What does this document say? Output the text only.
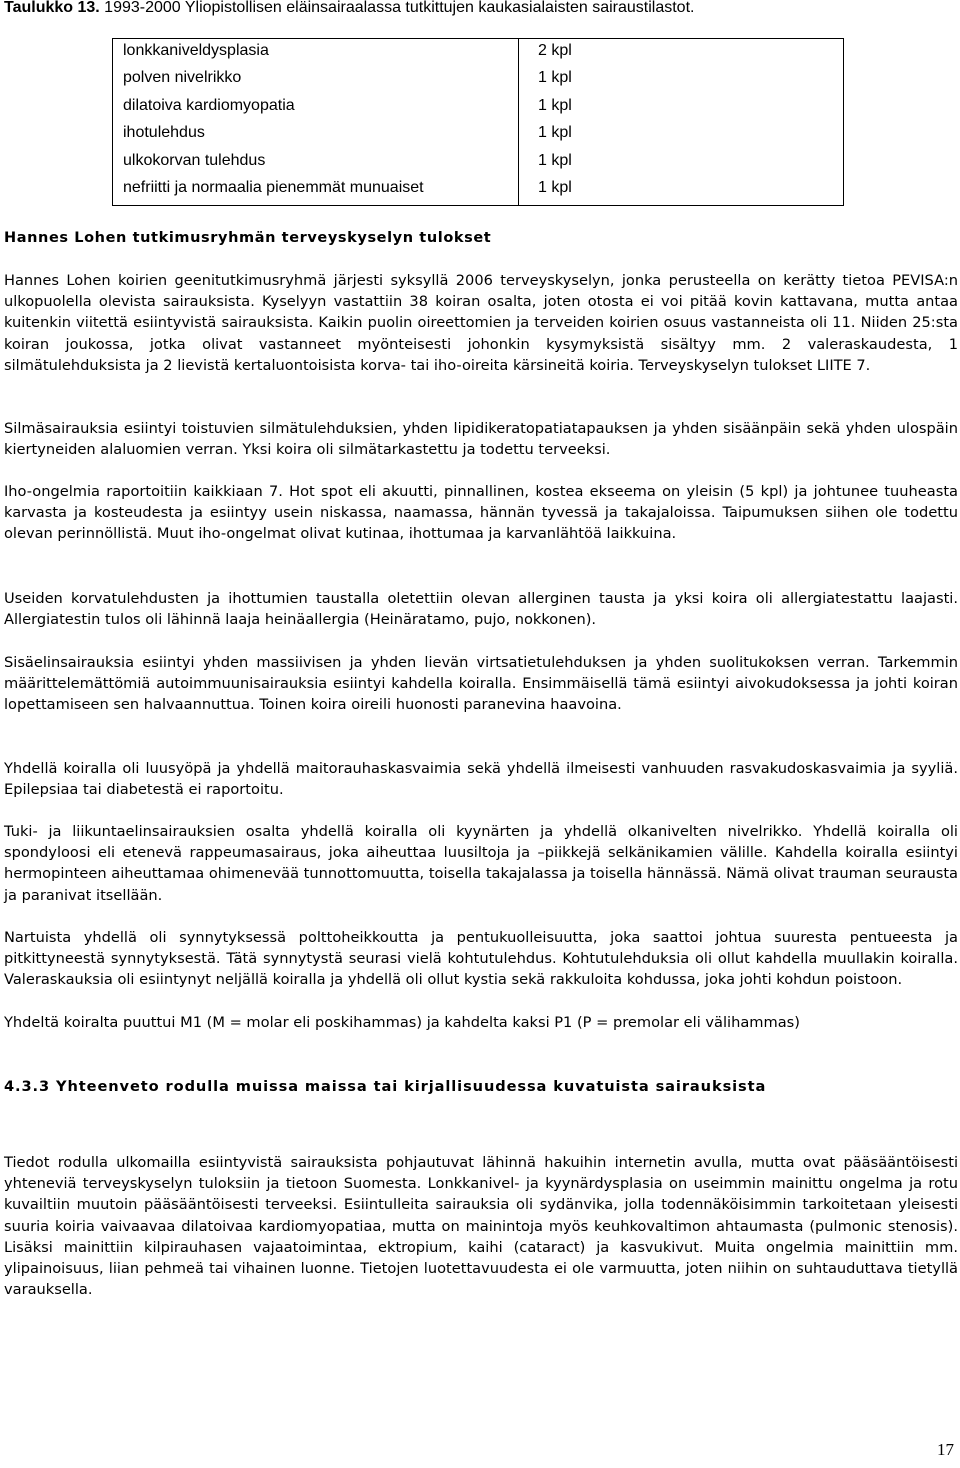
Taulukko 13. 1993-2000 Yliopistollisen eläinsairaalassa tutkittujen kaukasialaisten sairaustilastot.

lonkkaniveldysplasia	2 kpl
polven nivelrikko	1 kpl
dilatoiva kardiomyopatia	1 kpl
ihotulehdus	1 kpl
ulkokorvan tulehdus	1 kpl
nefriitti ja normaalia pienemmät munuaiset	1 kpl

Hannes Lohen tutkimusryhmän terveyskyselyn tulokset

Hannes Lohen koirien geenitutkimusryhmä järjesti syksyllä 2006 terveyskyselyn, jonka perusteella on kerätty tietoa PEVISA:n ulkopuolella olevista sairauksista. Kyselyyn vastattiin 38 koiran osalta, joten otosta ei voi pitää kovin kattavana, mutta antaa kuitenkin viitettä esiintyvistä sairauksista. Kaikin puolin oireettomien ja terveiden koirien osuus vastanneista oli 11. Niiden 25:sta koiran joukossa, jotka olivat vastanneet myönteisesti johonkin kysymyksistä sisältyy mm. 2 valeraskaudesta, 1 silmätulehduksista ja 2 lievistä kertaluontoisista korva- tai iho-oireita kärsineitä koiria. Terveyskyselyn tulokset LIITE 7.

Silmäsairauksia esiintyi toistuvien silmätulehduksien, yhden lipidikeratopatiatapauksen ja yhden sisäänpäin sekä yhden ulospäin kiertyneiden alaluomien verran. Yksi koira oli silmätarkastettu ja todettu terveeksi.

Iho-ongelmia raportoitiin kaikkiaan 7. Hot spot eli akuutti, pinnallinen, kostea ekseema on yleisin (5 kpl) ja johtunee tuuheasta karvasta ja kosteudesta ja esiintyy usein niskassa, naamassa, hännän tyvessä ja takajaloissa. Taipumuksen siihen ole todettu olevan perinnöllistä. Muut iho-ongelmat olivat kutinaa, ihottumaa ja karvanlähtöä laikkuina.

Useiden korvatulehdusten ja ihottumien taustalla oletettiin olevan allerginen tausta ja yksi koira oli allergiatestattu laajasti. Allergiatestin tulos oli lähinnä laaja heinäallergia (Heinäratamo, pujo, nokkonen).

Sisäelinsairauksia esiintyi yhden massiivisen ja yhden lievän virtsatietulehduksen ja yhden suolitukoksen verran. Tarkemmin määrittelemättömiä autoimmuunisairauksia esiintyi kahdella koiralla. Ensimmäisellä tämä esiintyi aivokudoksessa ja johti koiran lopettamiseen sen halvaannuttua. Toinen koira oireili huonosti paranevina haavoina.

Yhdellä koiralla oli luusyöpä ja yhdellä maitorauhaskasvaimia sekä yhdellä ilmeisesti vanhuuden rasvakudoskasvaimia ja syyliä. Epilepsiaa tai diabetestä ei raportoitu.

Tuki- ja liikuntaelinsairauksien osalta yhdellä koiralla oli kyynärten ja yhdellä olkanivelten nivelrikko. Yhdellä koiralla oli spondyloosi eli etenevä rappeumasairaus, joka aiheuttaa luusiltoja ja –piikkejä selkänikamien välille. Kahdella koiralla esiintyi hermopinteen aiheuttamaa ohimenevää tunnottomuutta, toisella takajalassa ja toisella hännässä. Nämä olivat trauman seurausta ja paranivat itsellään.

Nartuista yhdellä oli synnytyksessä polttoheikkoutta ja pentukuolleisuutta, joka saattoi johtua suuresta pentueesta ja pitkittyneestä synnytyksestä. Tätä synnytystä seurasi vielä kohtutulehdus. Kohtutulehduksia oli ollut kahdella muullakin koiralla. Valeraskauksia oli esiintynyt neljällä koiralla ja yhdellä oli ollut kystia sekä rakkuloita kohdussa, joka johti kohdun poistoon.

Yhdeltä koiralta puuttui M1 (M = molar eli poskihammas) ja kahdelta kaksi P1 (P = premolar eli välihammas)

4.3.3 Yhteenveto rodulla muissa maissa tai kirjallisuudessa kuvatuista sairauksista

Tiedot rodulla ulkomailla esiintyvistä sairauksista pohjautuvat lähinnä hakuihin internetin avulla, mutta ovat pääsääntöisesti yhteneviä terveyskyselyn tuloksiin ja tietoon Suomesta. Lonkkanivel- ja kyynärdysplasia on useimmin mainittu ongelma ja rotu kuvailtiin muutoin pääsääntöisesti terveeksi. Esiintulleita sairauksia oli sydänvika, jolla todennäköisimmin tarkoitetaan yleisesti suuria koiria vaivaavaa dilatoivaa kardiomyopatiaa, mutta on mainintoja myös keuhkovaltimon ahtaumasta (pulmonic stenosis). Lisäksi mainittiin kilpirauhasen vajaatoimintaa, ektropium, kaihi (cataract) ja kasvukivut. Muita ongelmia mainittiin mm. ylipainoisuus, liian pehmeä tai vihainen luonne. Tietojen luotettavuudesta ei ole varmuutta, joten niihin on suhtauduttava tietyllä varauksella.

17
